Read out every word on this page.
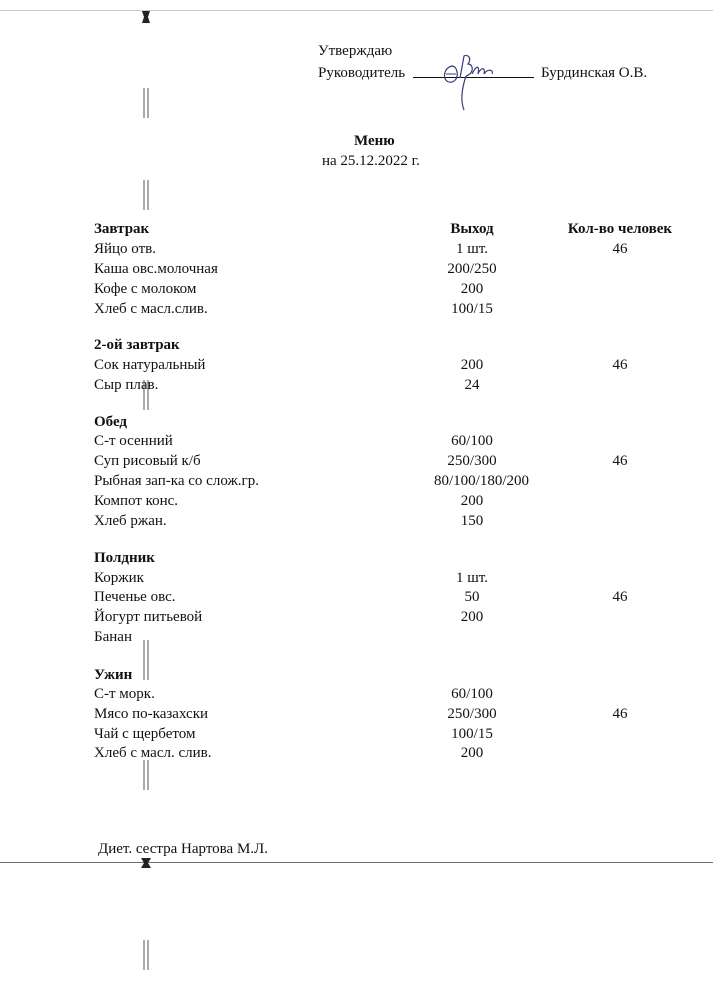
Утверждаю
Руководитель	Бурдинская О.В.
Меню
на 25.12.2022 г.
Завтрак	Выход	Кол-во человек
Яйцо отв.	1 шт.	46
Каша овс.молочная	200/250
Кофе с молоком	200
Хлеб с масл.слив.	100/15
2-ой завтрак
Сок натуральный	200	46
Сыр плав.	24
Обед
С-т осенний	60/100
Суп рисовый к/б	250/300	46
Рыбная зап-ка со слож.гр.	80/100/180/200
Компот конс.	200
Хлеб ржан.	150
Полдник
Коржик	1 шт.
Печенье овс.	50	46
Йогурт питьевой	200
Банан
Ужин
С-т морк.	60/100
Мясо по-казахски	250/300	46
Чай с щербетом	100/15
Хлеб с масл. слив.	200
Диет. сестра Нартова М.Л.
